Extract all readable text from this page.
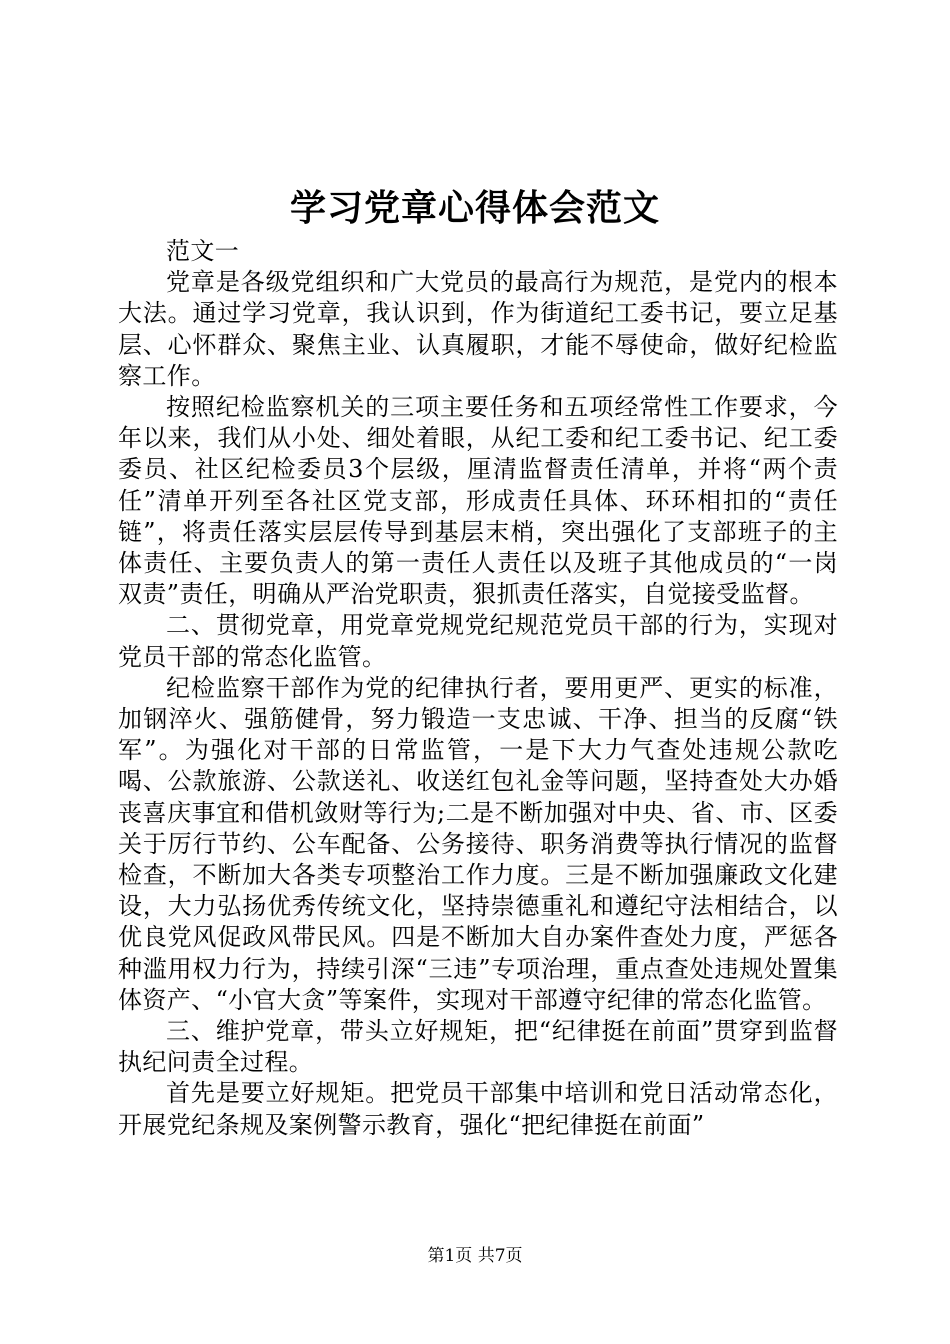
学习党章心得体会范文

范文一

党章是各级党组织和广大党员的最高行为规范，是党内的根本大法。通过学习党章，我认识到，作为街道纪工委书记，要立足基层、心怀群众、聚焦主业、认真履职，才能不辱使命，做好纪检监察工作。

按照纪检监察机关的三项主要任务和五项经常性工作要求，今年以来，我们从小处、细处着眼，从纪工委和纪工委书记、纪工委委员、社区纪检委员3个层级，厘清监督责任清单，并将“两个责任”清单开列至各社区党支部，形成责任具体、环环相扣的“责任链”，将责任落实层层传导到基层末梢，突出强化了支部班子的主体责任、主要负责人的第一责任人责任以及班子其他成员的“一岗双责”责任，明确从严治党职责，狠抓责任落实，自觉接受监督。

二、贯彻党章，用党章党规党纪规范党员干部的行为，实现对党员干部的常态化监管。

纪检监察干部作为党的纪律执行者，要用更严、更实的标准，加钢淬火、强筋健骨，努力锻造一支忠诚、干净、担当的反腐“铁军”。为强化对干部的日常监管，一是下大力气查处违规公款吃喝、公款旅游、公款送礼、收送红包礼金等问题，坚持查处大办婚丧喜庆事宜和借机敛财等行为;二是不断加强对中央、省、市、区委关于厉行节约、公车配备、公务接待、职务消费等执行情况的监督检查，不断加大各类专项整治工作力度。三是不断加强廉政文化建设，大力弘扬优秀传统文化，坚持崇德重礼和遵纪守法相结合，以优良党风促政风带民风。四是不断加大自办案件查处力度，严惩各种滥用权力行为，持续引深“三违”专项治理，重点查处违规处置集体资产、“小官大贪”等案件，实现对干部遵守纪律的常态化监管。

三、维护党章，带头立好规矩，把“纪律挺在前面”贯穿到监督执纪问责全过程。

首先是要立好规矩。把党员干部集中培训和党日活动常态化，开展党纪条规及案例警示教育，强化“把纪律挺在前面”

第1页 共7页
